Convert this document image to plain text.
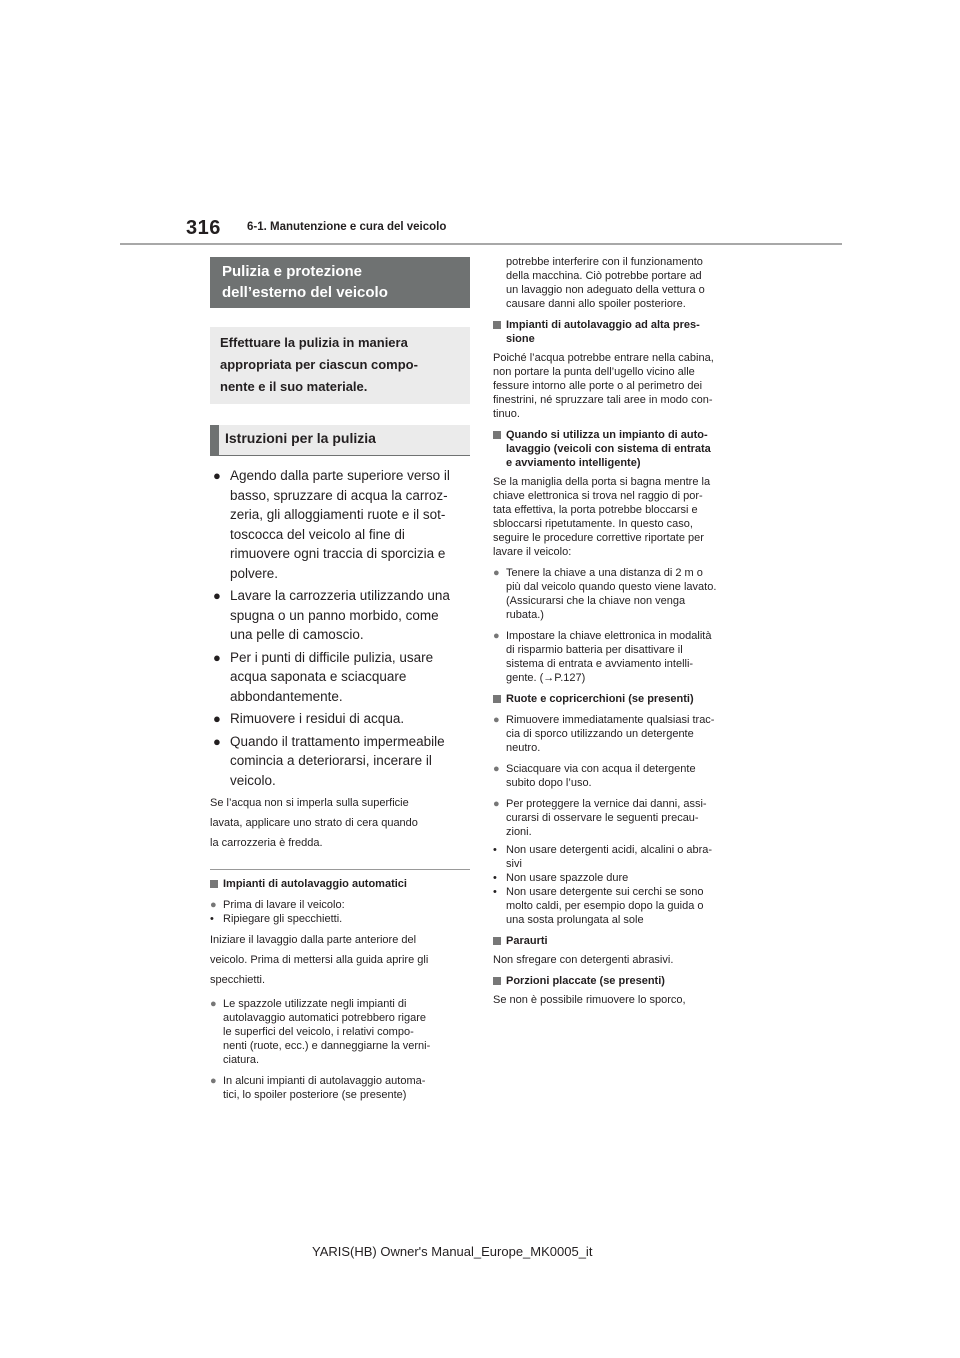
316 6-1. Manutenzione e cura del veicolo
Pulizia e protezione
dell’esterno del veicolo
Effettuare la pulizia in maniera
appropriata per ciascun compo-
nente e il suo materiale.
Istruzioni per la pulizia
● Agendo dalla parte superiore verso il
basso, spruzzare di acqua la carroz-
zeria, gli alloggiamenti ruote e il sot-
toscocca del veicolo al fine di
rimuovere ogni traccia di sporcizia e
polvere.
● Lavare la carrozzeria utilizzando una
spugna o un panno morbido, come
una pelle di camoscio.
● Per i punti di difficile pulizia, usare
acqua saponata e sciacquare
abbondantemente.
● Rimuovere i residui di acqua.
● Quando il trattamento impermeabile
comincia a deteriorarsi, incerare il
veicolo.
Se l’acqua non si imperla sulla superficie
lavata, applicare uno strato di cera quando
la carrozzeria è fredda.
Impianti di autolavaggio automatici
● Prima di lavare il veicolo:
• Ripiegare gli specchietti.
Iniziare il lavaggio dalla parte anteriore del
veicolo. Prima di mettersi alla guida aprire gli
specchietti.
● Le spazzole utilizzate negli impianti di
autolavaggio automatici potrebbero rigare
le superfici del veicolo, i relativi compo-
nenti (ruote, ecc.) e danneggiarne la verni-
ciatura.
● In alcuni impianti di autolavaggio automa-
tici, lo spoiler posteriore (se presente)
potrebbe interferire con il funzionamento
della macchina. Ciò potrebbe portare ad
un lavaggio non adeguato della vettura o
causare danni allo spoiler posteriore.
Impianti di autolavaggio ad alta pres-
sione
Poiché l’acqua potrebbe entrare nella cabina,
non portare la punta dell’ugello vicino alle
fessure intorno alle porte o al perimetro dei
finestrini, né spruzzare tali aree in modo con-
tinuo.
Quando si utilizza un impianto di auto-
lavaggio (veicoli con sistema di entrata
e avviamento intelligente)
Se la maniglia della porta si bagna mentre la
chiave elettronica si trova nel raggio di por-
tata effettiva, la porta potrebbe bloccarsi e
sbloccarsi ripetutamente. In questo caso,
seguire le procedure correttive riportate per
lavare il veicolo:
● Tenere la chiave a una distanza di 2 m o
più dal veicolo quando questo viene lavato.
(Assicurarsi che la chiave non venga
rubata.)
● Impostare la chiave elettronica in modalità
di risparmio batteria per disattivare il
sistema di entrata e avviamento intelli-
gente. (→P.127)
Ruote e copricerchioni (se presenti)
● Rimuovere immediatamente qualsiasi trac-
cia di sporco utilizzando un detergente
neutro.
● Sciacquare via con acqua il detergente
subito dopo l’uso.
● Per proteggere la vernice dai danni, assi-
curarsi di osservare le seguenti precau-
zioni.
• Non usare detergenti acidi, alcalini o abra-
sivi
• Non usare spazzole dure
• Non usare detergente sui cerchi se sono
molto caldi, per esempio dopo la guida o
una sosta prolungata al sole
Paraurti
Non sfregare con detergenti abrasivi.
Porzioni placcate (se presenti)
Se non è possibile rimuovere lo sporco,
YARIS(HB) Owner's Manual_Europe_MK0005_it
